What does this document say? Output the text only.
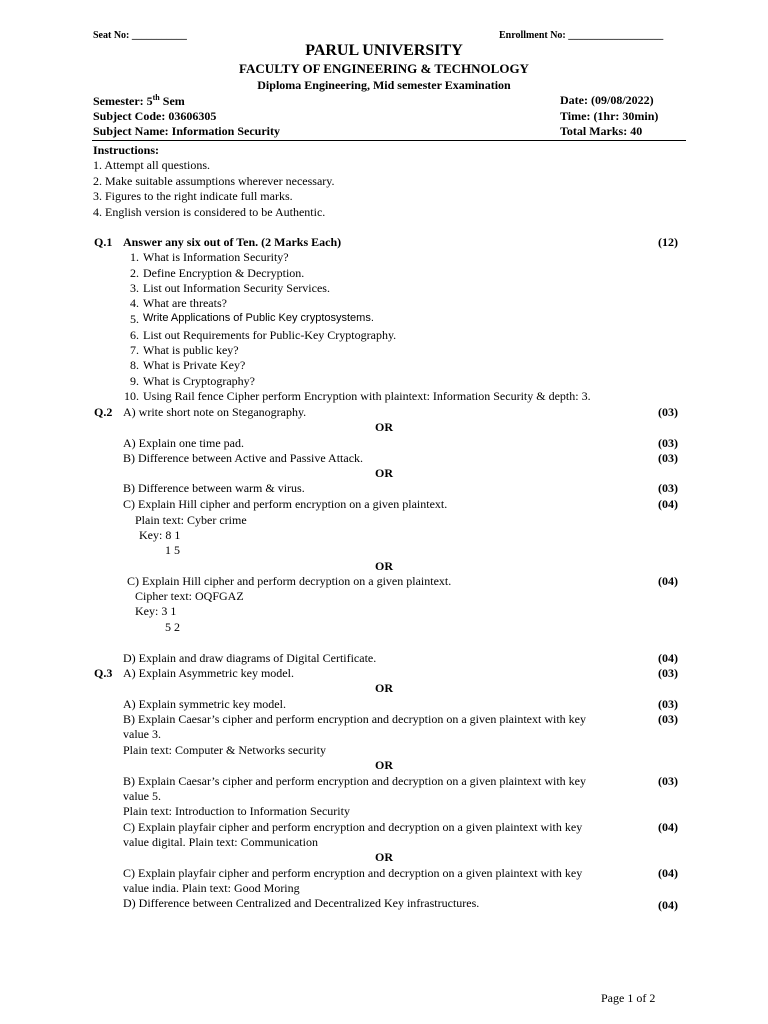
Seat No: ___________	Enrollment No: ___________________
PARUL UNIVERSITY
FACULTY OF ENGINEERING & TECHNOLOGY
Diploma Engineering, Mid semester Examination
Semester: 5th Sem
Subject Code: 03606305
Subject Name: Information Security
Date: (09/08/2022)
Time: (1hr: 30min)
Total Marks: 40
Instructions:
1. Attempt all questions.
2. Make suitable assumptions wherever necessary.
3. Figures to the right indicate full marks.
4. English version is considered to be Authentic.
Q.1 Answer any six out of Ten. (2 Marks Each)	(12)
1. What is Information Security?
2. Define Encryption & Decryption.
3. List out Information Security Services.
4. What are threats?
5. Write Applications of Public Key cryptosystems.
6. List out Requirements for Public-Key Cryptography.
7. What is public key?
8. What is Private Key?
9. What is Cryptography?
10. Using Rail fence Cipher perform Encryption with plaintext: Information Security & depth: 3.
Q.2 A) write short note on Steganography.	(03)
OR
A) Explain one time pad.	(03)
B) Difference between Active and Passive Attack.	(03)
OR
B) Difference between warm & virus.	(03)
C) Explain Hill cipher and perform encryption on a given plaintext.	(04)
Plain text: Cyber crime
Key: 8 1
1 5
OR
C) Explain Hill cipher and perform decryption on a given plaintext.	(04)
Cipher text: OQFGAZ
Key: 3 1
5 2
D) Explain and draw diagrams of Digital Certificate.	(04)
Q.3 A) Explain Asymmetric key model.	(03)
OR
A) Explain symmetric key model.	(03)
B) Explain Caesar’s cipher and perform encryption and decryption on a given plaintext with key	(03)
value 3.
Plain text: Computer & Networks security
OR
B) Explain Caesar’s cipher and perform encryption and decryption on a given plaintext with key	(03)
value 5.
Plain text: Introduction to Information Security
C) Explain playfair cipher and perform encryption and decryption on a given plaintext with key	(04)
value digital. Plain text: Communication
OR
C) Explain playfair cipher and perform encryption and decryption on a given plaintext with key	(04)
value india. Plain text: Good Moring
D) Difference between Centralized and Decentralized Key infrastructures.	(04)
Page 1 of 2
